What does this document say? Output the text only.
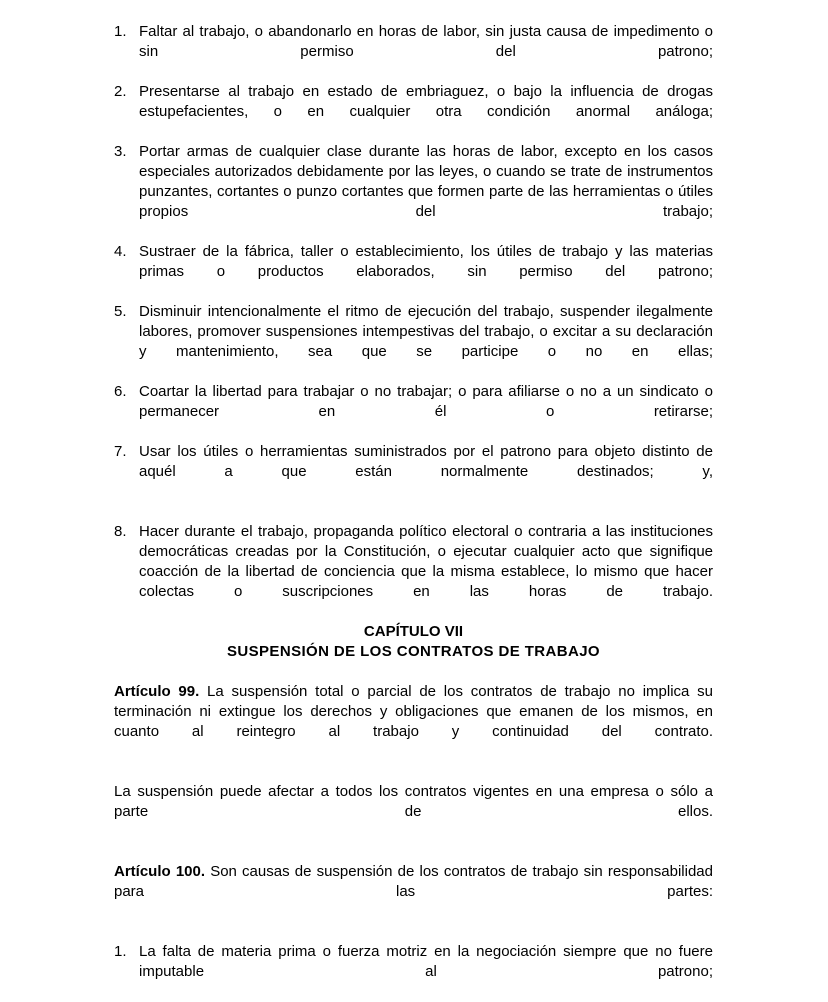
1. Faltar al trabajo, o abandonarlo en horas de labor, sin justa causa de impedimento o sin permiso del patrono;
2. Presentarse al trabajo en estado de embriaguez, o bajo la influencia de drogas estupefacientes, o en cualquier otra condición anormal análoga;
3. Portar armas de cualquier clase durante las horas de labor, excepto en los casos especiales autorizados debidamente por las leyes, o cuando se trate de instrumentos punzantes, cortantes o punzo cortantes que formen parte de las herramientas o útiles propios del trabajo;
4. Sustraer de la fábrica, taller o establecimiento, los útiles de trabajo y las materias primas o productos elaborados, sin permiso del patrono;
5. Disminuir intencionalmente el ritmo de ejecución del trabajo, suspender ilegalmente labores, promover suspensiones intempestivas del trabajo, o excitar a su declaración y mantenimiento, sea que se participe o no en ellas;
6. Coartar la libertad para trabajar o no trabajar; o para afiliarse o no a un sindicato o permanecer en él o retirarse;
7. Usar los útiles o herramientas suministrados por el patrono para objeto distinto de aquél a que están normalmente destinados; y,
8. Hacer durante el trabajo, propaganda político electoral o contraria a las instituciones democráticas creadas por la Constitución, o ejecutar cualquier acto que signifique coacción de la libertad de conciencia que la misma establece, lo mismo que hacer colectas o suscripciones en las horas de trabajo.
CAPÍTULO VII
SUSPENSIÓN DE LOS CONTRATOS DE TRABAJO

Artículo 99. La suspensión total o parcial de los contratos de trabajo no implica su terminación ni extingue los derechos y obligaciones que emanen de los mismos, en cuanto al reintegro al trabajo y continuidad del contrato.

La suspensión puede afectar a todos los contratos vigentes en una empresa o sólo a parte de ellos.

Artículo 100. Son causas de suspensión de los contratos de trabajo sin responsabilidad para las partes:

1. La falta de materia prima o fuerza motriz en la negociación siempre que no fuere imputable al patrono;
